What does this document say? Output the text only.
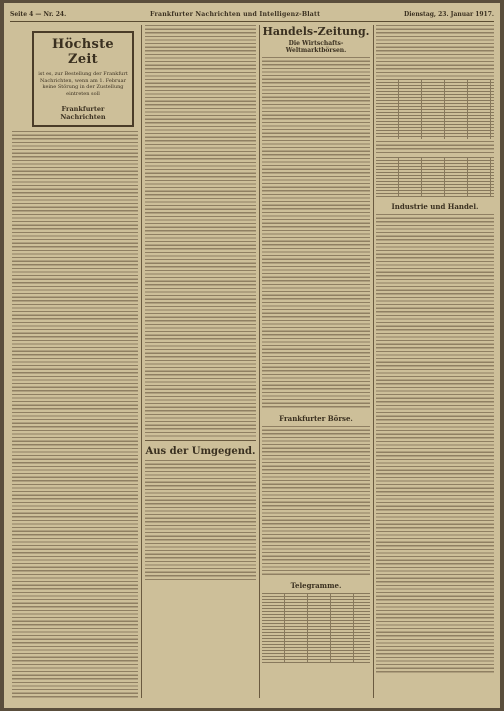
Seite 4 — Nr. 24.	Frankfurter Nachrichten und Intelligenz-Blatt	Dienstag, 23. Januar 1917.
Höchste Zeit
ist es, zur Bestellung der Frankfurt Nachrichten, wenn am 1. Februar keine Störung in der Zustellung eintreten soll
Frankfurter Nachrichten
Aus der Umgegend.
Handels-Zeitung.
Die Wirtschafts-Weltmarktbörsen.
Frankfurter Börse.
Telegramme.
Industrie und Handel.
